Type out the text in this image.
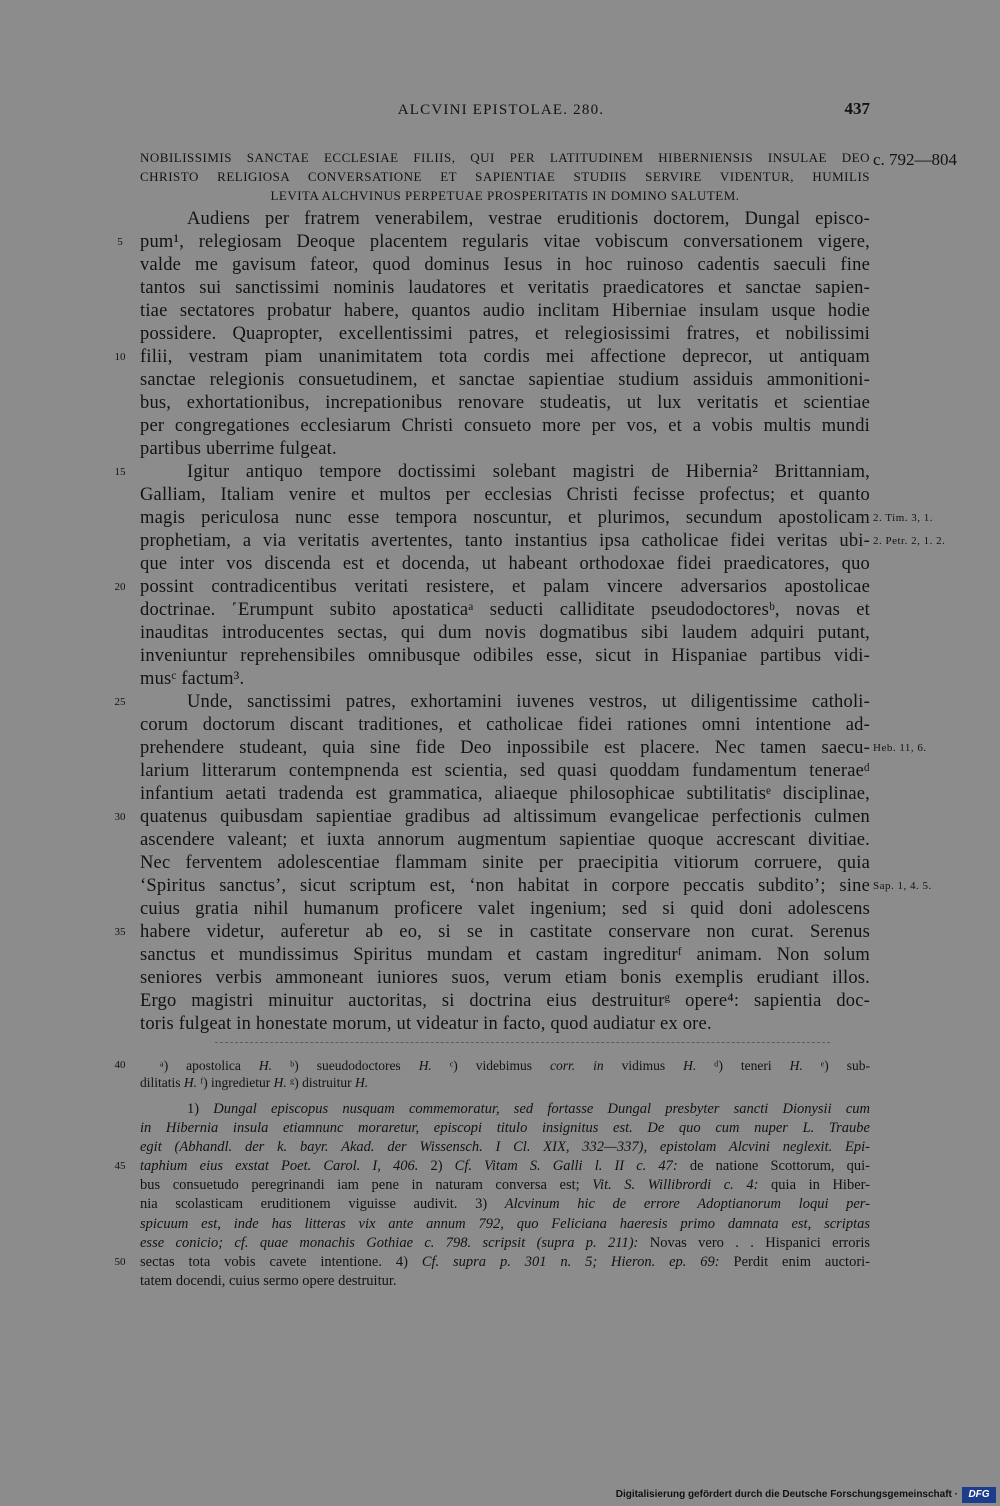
ALCVINI EPISTOLAE. 280.	437
NOBILISSIMIS SANCTAE ECCLESIAE FILIIS, QUI PER LATITUDINEM HIBERNIENSIS INSULAE DEO
CHRISTO RELIGIOSA CONVERSATIONE ET SAPIENTIAE STUDIIS SERVIRE VIDENTUR, HUMILIS
LEVITA ALCHVINUS PERPETUAE PROSPERITATIS IN DOMINO SALUTEM.
c. 792—804
Audiens per fratrem venerabilem, vestrae eruditionis doctorem, Dungal episco-
5 pum¹, relegiosam Deoque placentem regularis vitae vobiscum conversationem vigere,
valde me gavisum fateor, quod dominus Iesus in hoc ruinoso cadentis saeculi fine
tantos sui sanctissimi nominis laudatores et veritatis praedicatores et sanctae sapien-
tiae sectatores probatur habere, quantos audio inclitam Hiberniae insulam usque hodie
possidere. Quapropter, excellentissimi patres, et relegiosissimi fratres, et nobilissimi
10 filii, vestram piam unanimitatem tota cordis mei affectione deprecor, ut antiquam
sanctae relegionis consuetudinem, et sanctae sapientiae studium assiduis ammonitioni-
bus, exhortationibus, increpationibus renovare studeatis, ut lux veritatis et scientiae
per congregationes ecclesiarum Christi consueto more per vos, et a vobis multis mundi
partibus uberrime fulgeat.
15	Igitur antiquo tempore doctissimi solebant magistri de Hibernia² Brittanniam,
Galliam, Italiam venire et multos per ecclesias Christi fecisse profectus; et quanto
magis periculosa nunc esse tempora noscuntur, et plurimos, secundum apostolicam 2. Tim. 3, 1.
prophetiam, a via veritatis avertentes, tanto instantius ipsa catholicae fidei veritas ubi- 2. Petr. 2, 1. 2.
que inter vos discenda est et docenda, ut habeant orthodoxae fidei praedicatores, quo
20 possint contradicentibus veritati resistere, et palam vincere adversarios apostolicae
doctrinae. ˹Erumpunt subito apostaticaᵃ seducti calliditate pseudodoctoresᵇ, novas et
inauditas introducentes sectas, qui dum novis dogmatibus sibi laudem adquiri putant,
inveniuntur reprehensibiles omnibusque odibiles esse, sicut in Hispaniae partibus vidi-
musᶜ factum³.
25	Unde, sanctissimi patres, exhortamini iuvenes vestros, ut diligentissime catholi-
corum doctorum discant traditiones, et catholicae fidei rationes omni intentione ad-
prehendere studeant, quia sine fide Deo inpossibile est placere. Nec tamen saecu- Heb. 11, 6.
larium litterarum contempnenda est scientia, sed quasi quoddam fundamentum teneraeᵈ
infantium aetati tradenda est grammatica, aliaeque philosophicae subtilitatisᵉ disciplinae,
30 quatenus quibusdam sapientiae gradibus ad altissimum evangelicae perfectionis culmen
ascendere valeant; et iuxta annorum augmentum sapientiae quoque accrescant divitiae.
Nec ferventem adolescentiae flammam sinite per praecipitia vitiorum corruere, quia
‘Spiritus sanctus’, sicut scriptum est, ‘non habitat in corpore peccatis subdito’; sine Sap. 1, 4. 5.
cuius gratia nihil humanum proficere valet ingenium; sed si quid doni adolescens
35 habere videtur, auferetur ab eo, si se in castitate conservare non curat. Serenus
sanctus et mundissimus Spiritus mundam et castam ingrediturᶠ animam. Non solum
seniores verbis ammoneant iuniores suos, verum etiam bonis exemplis erudiant illos.
Ergo magistri minuitur auctoritas, si doctrina eius destruiturᵍ opere⁴: sapientia doc-
toris fulgeat in honestate morum, ut videatur in facto, quod audiatur ex ore.
40	ᵃ) apostolica H. ᵇ) sueudodoctores H. ᶜ) videbimus corr. in vidimus H. ᵈ) teneri H. ᵉ) sub-
dilitatis H. ᶠ) ingredietur H. ᵍ) distruitur H.
1) Dungal episcopus nusquam commemoratur, sed fortasse Dungal presbyter sancti Dionysii cum
in Hibernia insula etiamnunc moraretur, episcopi titulo insignitus est. De quo cum nuper L. Traube
egit (Abhandl. der k. bayr. Akad. der Wissensch. I Cl. XIX, 332—337), epistolam Alcvini neglexit. Epi-
45	taphium eius exstat Poet. Carol. I, 406. 2) Cf. Vitam S. Galli l. II c. 47: de natione Scottorum, qui-
bus consuetudo peregrinandi iam pene in naturam conversa est; Vit. S. Willibrordi c. 4: quia in Hiber-
nia scolasticam eruditionem viguisse audivit. 3) Alcvinum hic de errore Adoptianorum loqui per-
spicuum est, inde has litteras vix ante annum 792, quo Feliciana haeresis primo damnata est, scriptas
esse conicio; cf. quae monachis Gothiae c. 798. scripsit (supra p. 211): Novas vero . . Hispanici erroris
50	sectas tota vobis cavete intentione. 4) Cf. supra p. 301 n. 5; Hieron. ep. 69: Perdit enim auctori-
tatem docendi, cuius sermo opere destruitur.
Digitalisierung gefördert durch die Deutsche Forschungsgemeinschaft ·	DFG
